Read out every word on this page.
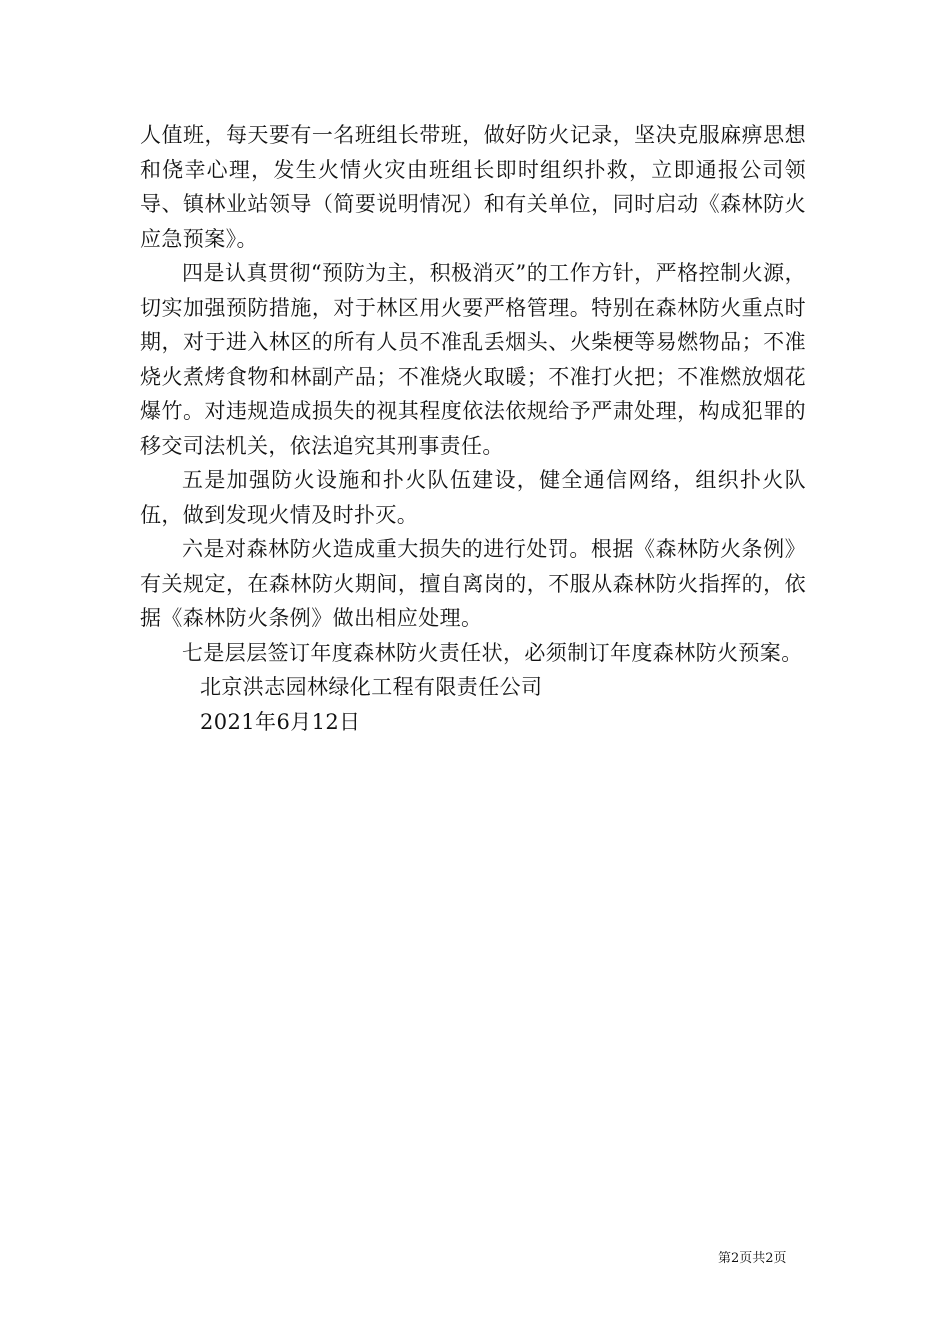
人值班，每天要有一名班组长带班，做好防火记录，坚决克服麻痹思想和侥幸心理，发生火情火灾由班组长即时组织扑救，立即通报公司领导、镇林业站领导（简要说明情况）和有关单位，同时启动《森林防火应急预案》。

四是认真贯彻“预防为主，积极消灭”的工作方针，严格控制火源，切实加强预防措施，对于林区用火要严格管理。特别在森林防火重点时期，对于进入林区的所有人员不准乱丢烟头、火柴梗等易燃物品；不准烧火煮烤食物和林副产品；不准烧火取暖；不准打火把；不准燃放烟花爆竹。对违规造成损失的视其程度依法依规给予严肃处理，构成犯罪的移交司法机关，依法追究其刑事责任。

五是加强防火设施和扑火队伍建设，健全通信网络，组织扑火队伍，做到发现火情及时扑灭。

六是对森林防火造成重大损失的进行处罚。根据《森林防火条例》有关规定，在森林防火期间，擅自离岗的，不服从森林防火指挥的，依据《森林防火条例》做出相应处理。

七是层层签订年度森林防火责任状，必须制订年度森林防火预案。

北京洪志园林绿化工程有限责任公司

2021年6月12日

第2页共2页
